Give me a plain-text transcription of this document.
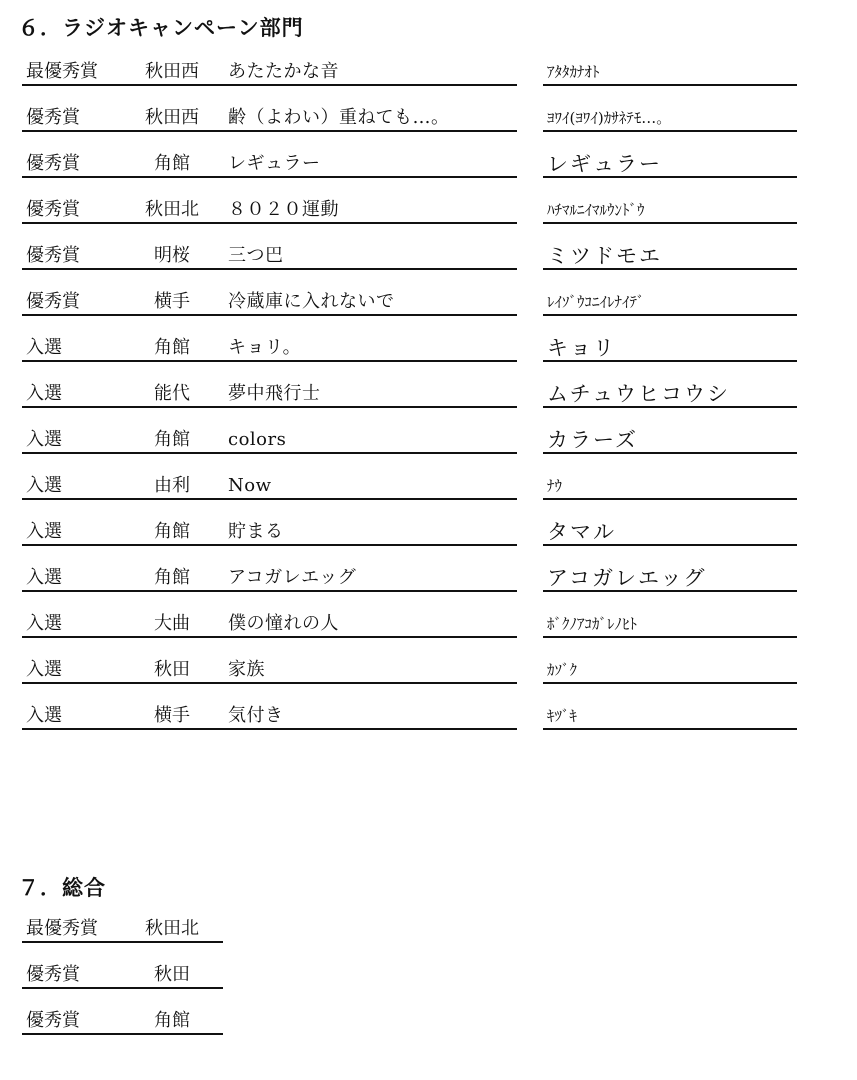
６．ラジオキャンペーン部門
最優秀賞	秋田西 あたたかな音	ｱﾀﾀｶﾅｵﾄ
優秀賞	秋田西 齢（よわい）重ねても…。	ﾖﾜｲ(ﾖﾜｲ)ｶｻﾈﾃﾓ…。
優秀賞	角館	レギュラー	レギュラー
優秀賞	秋田北 ８０２０運動	ﾊﾁﾏﾙﾆｲﾏﾙｳﾝﾄﾞｳ
優秀賞	明桜	三つ巴	ミツドモエ
優秀賞	横手	冷蔵庫に入れないで	ﾚｲｿﾞｳｺﾆｲﾚﾅｲﾃﾞ
入選	角館	キョリ。	キョリ
入選	能代	夢中飛行士	ムチュウヒコウシ
入選	角館	colors	カラーズ
入選	由利	Now	ﾅｳ
入選	角館	貯まる	タマル
入選	角館	アコガレエッグ	アコガレエッグ
入選	大曲	僕の憧れの人	ﾎﾞｸﾉｱｺｶﾞﾚﾉﾋﾄ
入選	秋田	家族	ｶｿﾞｸ
入選	横手	気付き	ｷﾂﾞｷ
７．総合
最優秀賞	秋田北
優秀賞	秋田
優秀賞	角館
